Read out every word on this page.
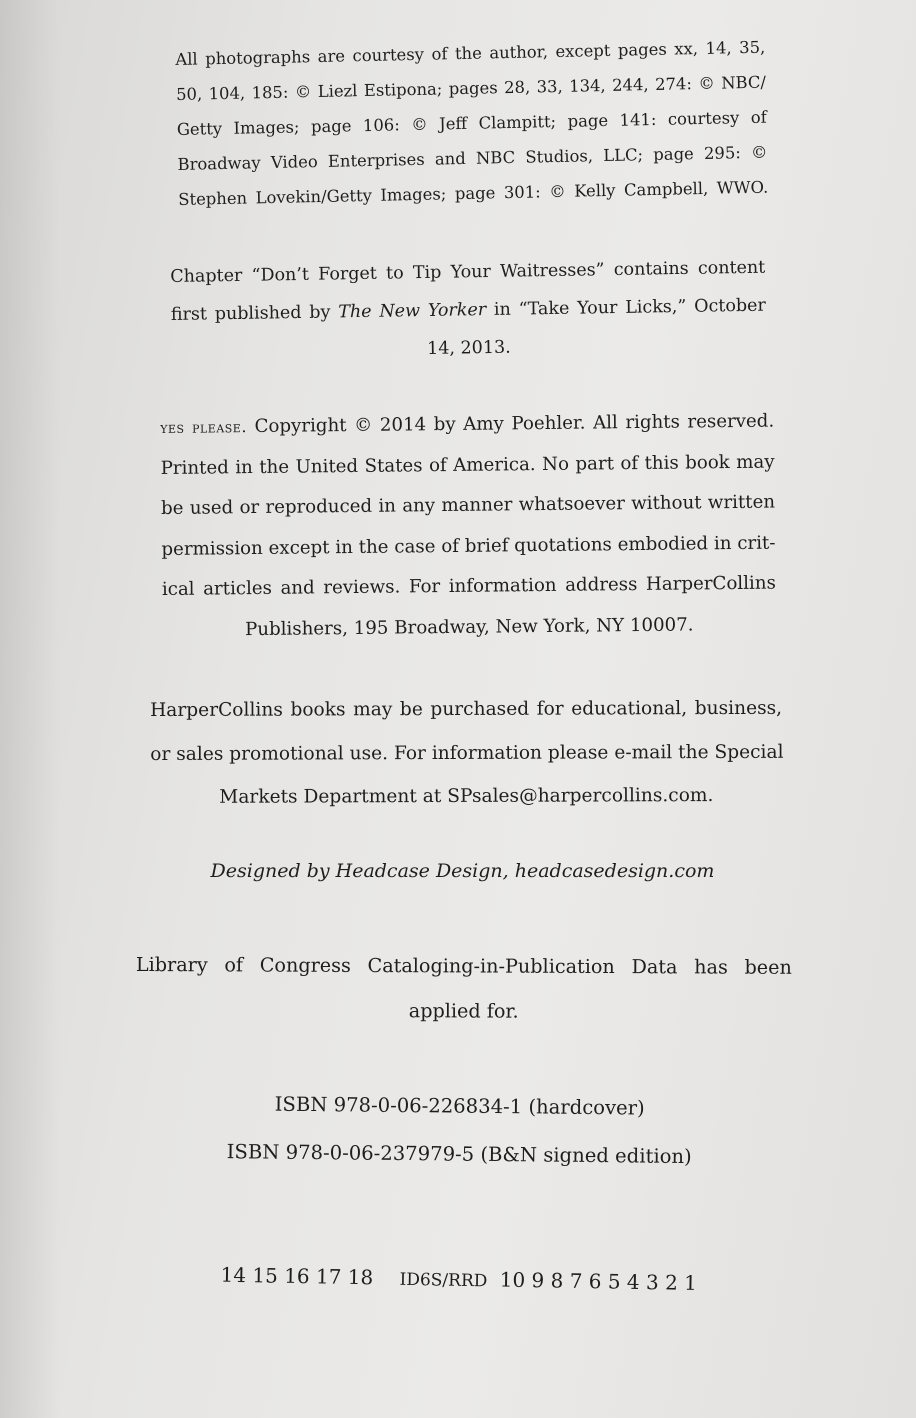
All photographs are courtesy of the author, except pages xx, 14, 35,
50, 104, 185: © Liezl Estipona; pages 28, 33, 134, 244, 274: © NBC/
Getty Images; page 106: © Jeff Clampitt; page 141: courtesy of
Broadway Video Enterprises and NBC Studios, LLC; page 295: ©
Stephen Lovekin/Getty Images; page 301: © Kelly Campbell, WWO.
Chapter “Don’t Forget to Tip Your Waitresses” contains content
first published by The New Yorker in “Take Your Licks,” October
14, 2013.
yes please. Copyright © 2014 by Amy Poehler. All rights reserved.
Printed in the United States of America. No part of this book may
be used or reproduced in any manner whatsoever without written
permission except in the case of brief quotations embodied in crit-
ical articles and reviews. For information address HarperCollins
Publishers, 195 Broadway, New York, NY 10007.
HarperCollins books may be purchased for educational, business,
or sales promotional use. For information please e-mail the Special
Markets Department at SPsales@harpercollins.com.
Designed by Headcase Design, headcasedesign.com
Library of Congress Cataloging-in-Publication Data has been
applied for.
ISBN 978-0-06-226834-1 (hardcover)
ISBN 978-0-06-237979-5 (B&N signed edition)
14 15 16 17 18 ID6S/RRD 10 9 8 7 6 5 4 3 2 1
